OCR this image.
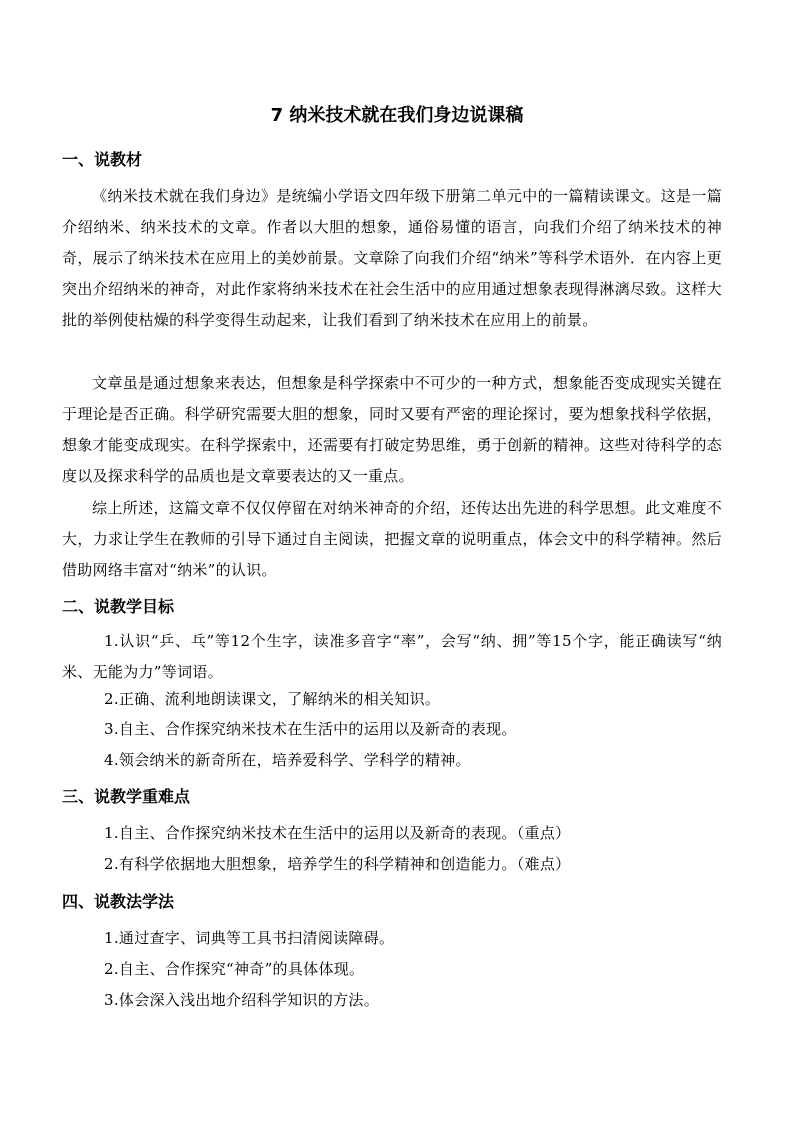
7 纳米技术就在我们身边说课稿
一、说教材

《纳米技术就在我们身边》是统编小学语文四年级下册第二单元中的一篇精读课文。这是一篇介绍纳米、纳米技术的文章。作者以大胆的想象，通俗易懂的语言，向我们介绍了纳米技术的神奇，展示了纳米技术在应用上的美妙前景。文章除了向我们介绍“纳米”等科学术语外．在内容上更突出介绍纳米的神奇，对此作家将纳米技术在社会生活中的应用通过想象表现得淋漓尽致。这样大批的举例使枯燥的科学变得生动起来，让我们看到了纳米技术在应用上的前景。

文章虽是通过想象来表达，但想象是科学探索中不可少的一种方式，想象能否变成现实关键在于理论是否正确。科学研究需要大胆的想象，同时又要有严密的理论探讨，要为想象找科学依据，想象才能变成现实。在科学探索中，还需要有打破定势思维，勇于创新的精神。这些对待科学的态度以及探求科学的品质也是文章要表达的又一重点。

综上所述，这篇文章不仅仅停留在对纳米神奇的介绍，还传达出先进的科学思想。此文难度不大，力求让学生在教师的引导下通过自主阅读，把握文章的说明重点，体会文中的科学精神。然后借助网络丰富对“纳米”的认识。

二、说教学目标

1.认识“乒、乓”等12个生字，读准多音字“率”，会写“纳、拥”等15个字，能正确读写“纳米、无能为力”等词语。

2.正确、流利地朗读课文，了解纳米的相关知识。

3.自主、合作探究纳米技术在生活中的运用以及新奇的表现。

4.领会纳米的新奇所在，培养爱科学、学科学的精神。

三、说教学重难点

1.自主、合作探究纳米技术在生活中的运用以及新奇的表现。（重点）

2.有科学依据地大胆想象，培养学生的科学精神和创造能力。（难点）

四、说教法学法

1.通过查字、词典等工具书扫清阅读障碍。

2.自主、合作探究“神奇”的具体体现。

3.体会深入浅出地介绍科学知识的方法。
